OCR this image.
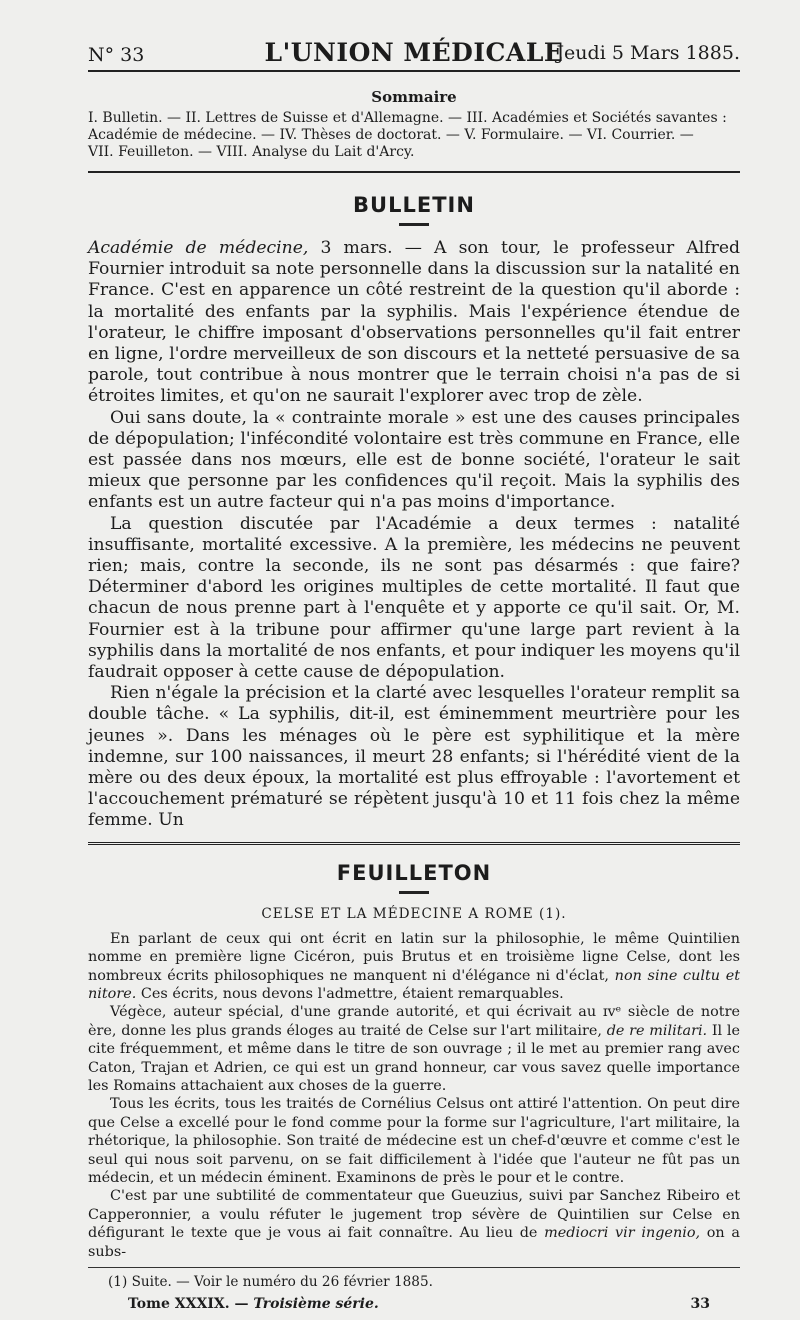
N° 33	L'UNION MÉDICALE
Jeudi 5 Mars 1885.
Sommaire
I. Bulletin. — II. Lettres de Suisse et d'Allemagne. — III. Académies et Sociétés savantes :
Académie de médecine. — IV. Thèses de doctorat. — V. Formulaire. — VI. Courrier. —
VII. Feuilleton. — VIII. Analyse du Lait d'Arcy.
BULLETIN

Académie de médecine, 3 mars. — A son tour, le professeur Alfred Fournier introduit sa note personnelle dans la discussion sur la natalité en France. C'est en apparence un côté restreint de la question qu'il aborde : la mortalité des enfants par la syphilis. Mais l'expérience étendue de l'orateur, le chiffre imposant d'observations personnelles qu'il fait entrer en ligne, l'ordre merveilleux de son discours et la netteté persuasive de sa parole, tout contribue à nous montrer que le terrain choisi n'a pas de si étroites limites, et qu'on ne saurait l'explorer avec trop de zèle.

Oui sans doute, la « contrainte morale » est une des causes principales de dépopulation; l'infécondité volontaire est très commune en France, elle est passée dans nos mœurs, elle est de bonne société, l'orateur le sait mieux que personne par les confidences qu'il reçoit. Mais la syphilis des enfants est un autre facteur qui n'a pas moins d'importance.

La question discutée par l'Académie a deux termes : natalité insuffisante, mortalité excessive. A la première, les médecins ne peuvent rien; mais, contre la seconde, ils ne sont pas désarmés : que faire? Déterminer d'abord les origines multiples de cette mortalité. Il faut que chacun de nous prenne part à l'enquête et y apporte ce qu'il sait. Or, M. Fournier est à la tribune pour affirmer qu'une large part revient à la syphilis dans la mortalité de nos enfants, et pour indiquer les moyens qu'il faudrait opposer à cette cause de dépopulation.

Rien n'égale la précision et la clarté avec lesquelles l'orateur remplit sa double tâche. « La syphilis, dit-il, est éminemment meurtrière pour les jeunes ». Dans les ménages où le père est syphilitique et la mère indemne, sur 100 naissances, il meurt 28 enfants; si l'hérédité vient de la mère ou des deux époux, la mortalité est plus effroyable : l'avortement et l'accouchement prématuré se répètent jusqu'à 10 et 11 fois chez la même femme. Un

FEUILLETON
CELSE ET LA MÉDECINE A ROME (1).

En parlant de ceux qui ont écrit en latin sur la philosophie, le même Quintilien nomme en première ligne Cicéron, puis Brutus et en troisième ligne Celse, dont les nombreux écrits philosophiques ne manquent ni d'élégance ni d'éclat, non sine cultu et nitore. Ces écrits, nous devons l'admettre, étaient remarquables.

Végèce, auteur spécial, d'une grande autorité, et qui écrivait au ɪᴠᵉ siècle de notre ère, donne les plus grands éloges au traité de Celse sur l'art militaire, de re militari. Il le cite fréquemment, et même dans le titre de son ouvrage ; il le met au premier rang avec Caton, Trajan et Adrien, ce qui est un grand honneur, car vous savez quelle importance les Romains attachaient aux choses de la guerre.

Tous les écrits, tous les traités de Cornélius Celsus ont attiré l'attention. On peut dire que Celse a excellé pour le fond comme pour la forme sur l'agriculture, l'art militaire, la rhétorique, la philosophie. Son traité de médecine est un chef-d'œuvre et comme c'est le seul qui nous soit parvenu, on se fait difficilement à l'idée que l'auteur ne fût pas un médecin, et un médecin éminent. Examinons de près le pour et le contre.

C'est par une subtilité de commentateur que Gueuzius, suivi par Sanchez Ribeiro et Capperonnier, a voulu réfuter le jugement trop sévère de Quintilien sur Celse en défigurant le texte que je vous ai fait connaître. Au lieu de mediocri vir ingenio, on a subs-

(1) Suite. — Voir le numéro du 26 février 1885.
Tome XXXIX. — Troisième série.	33
